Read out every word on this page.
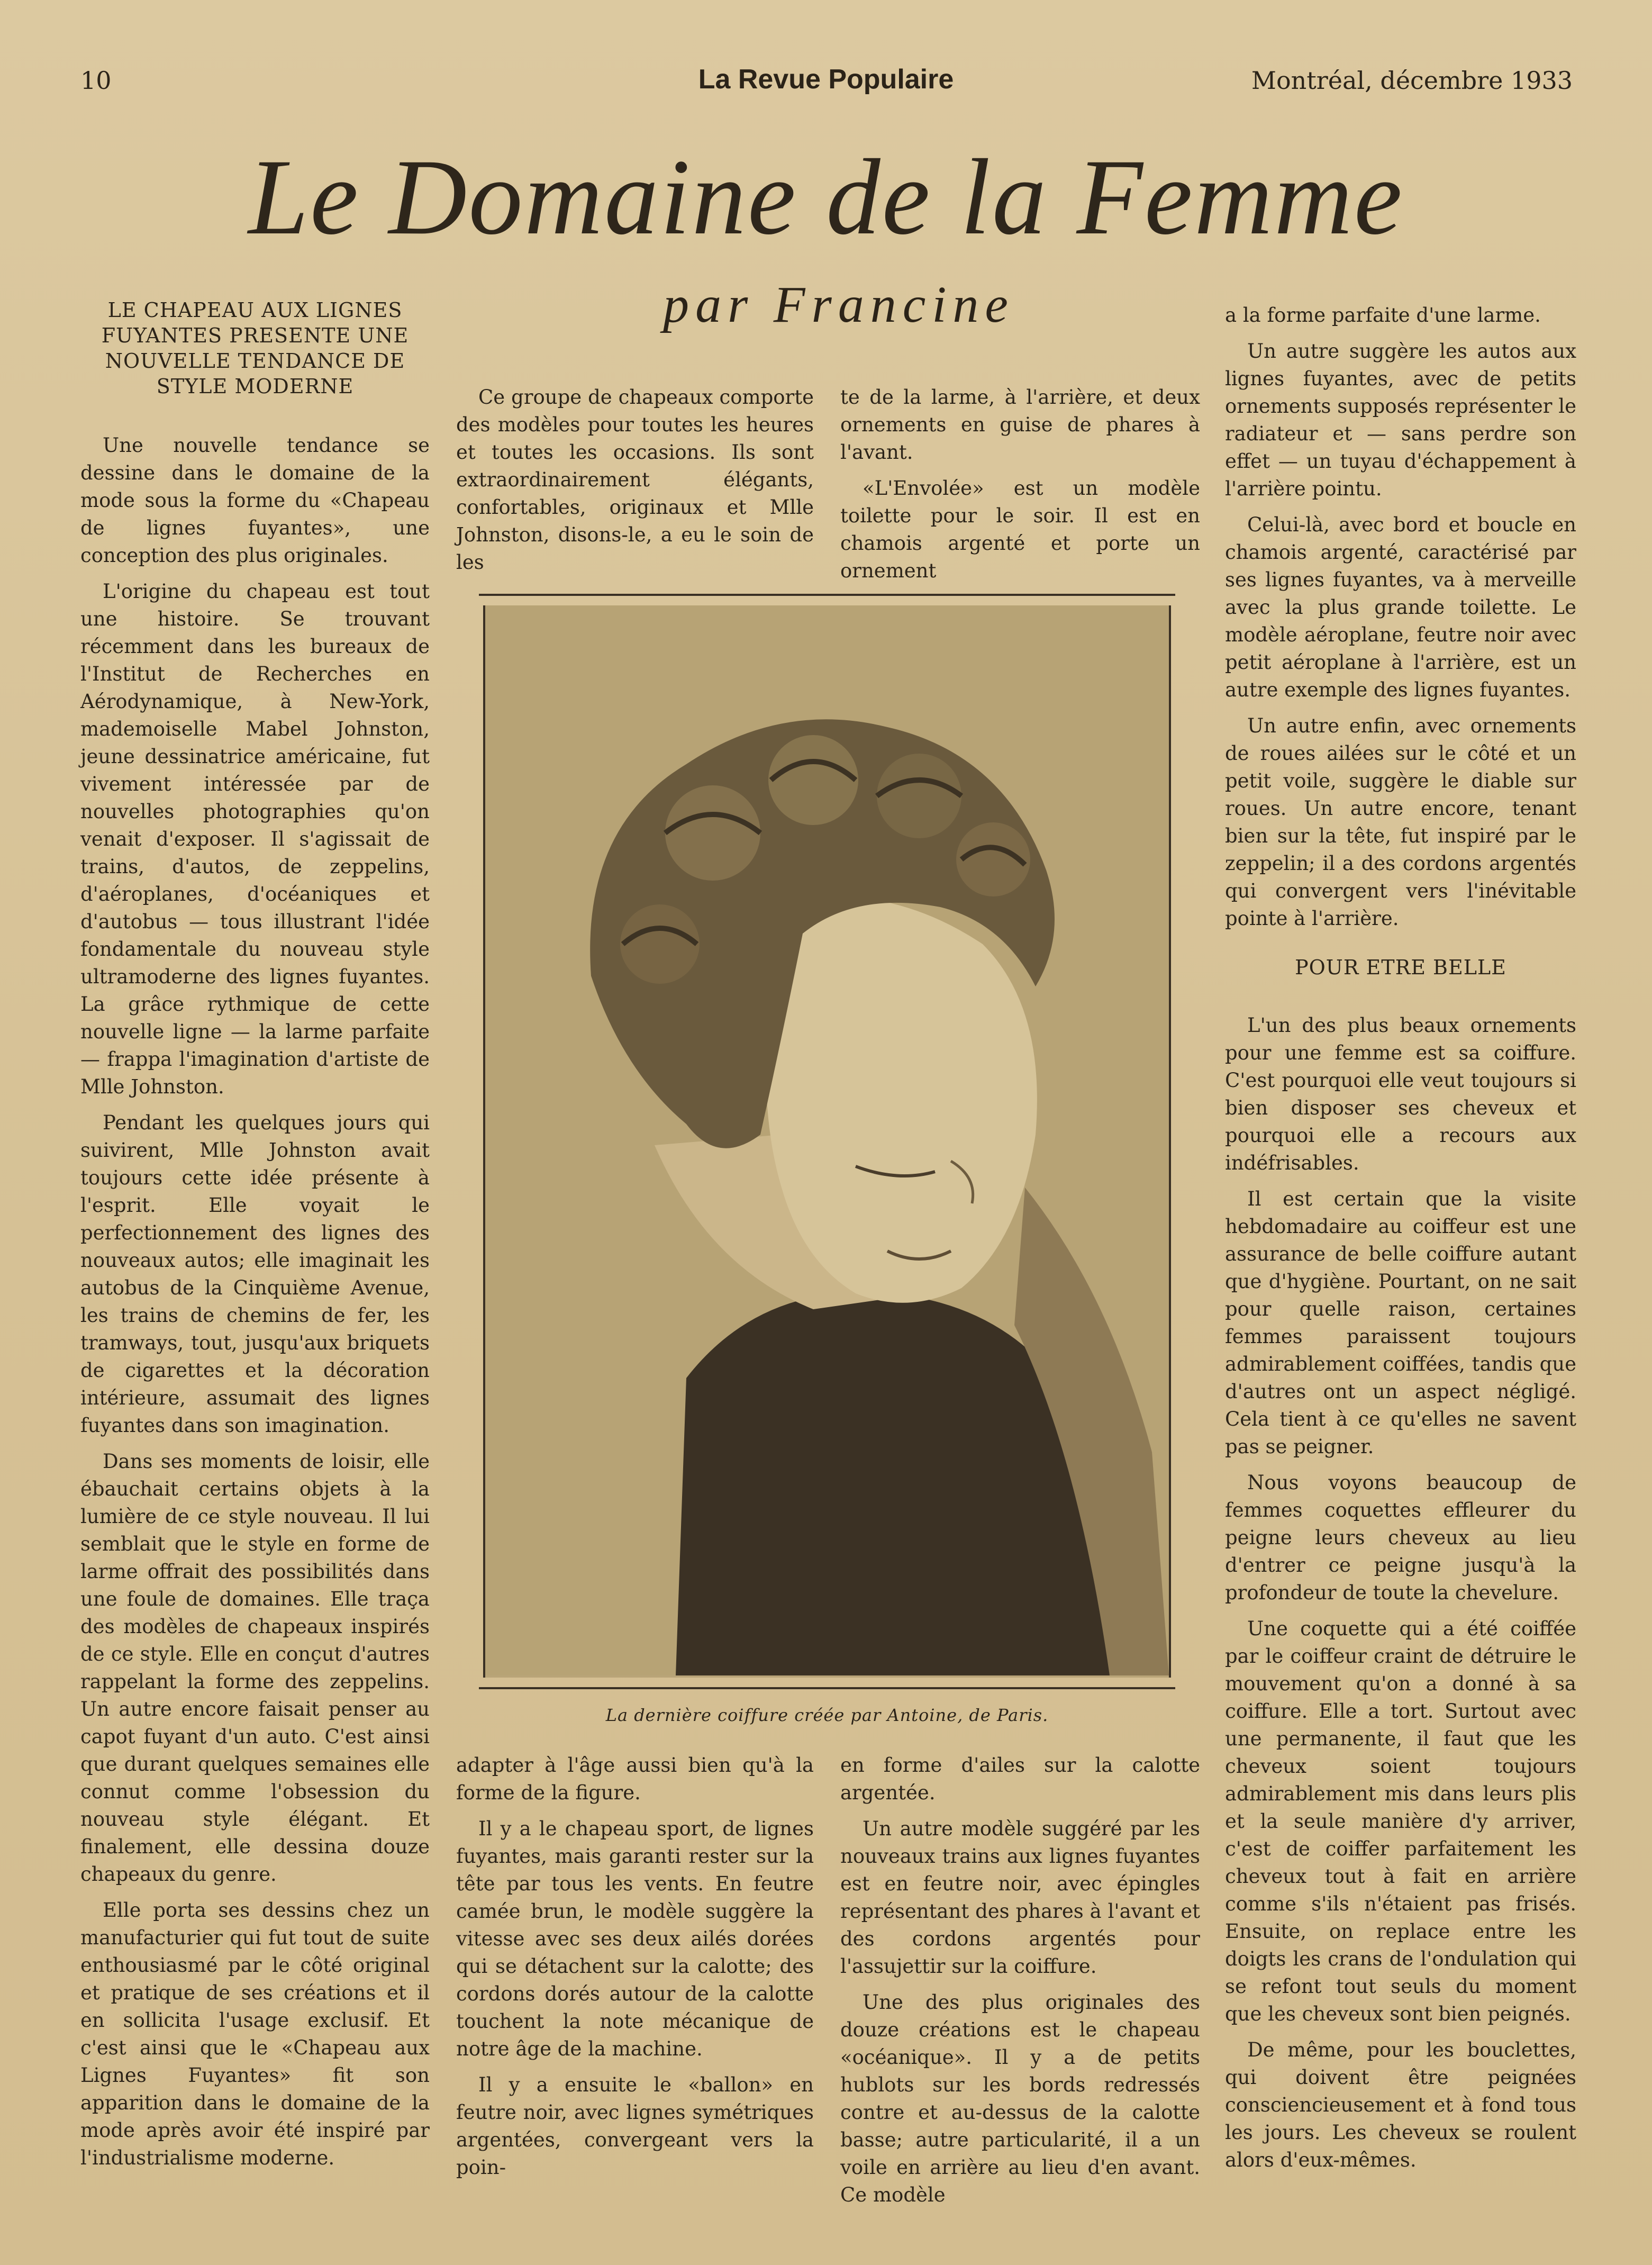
10	La Revue Populaire	Montréal, décembre 1933
Le Domaine de la Femme
par Francine
LE CHAPEAU AUX LIGNES FUYANTES PRESENTE UNE NOUVELLE TENDANCE DE STYLE MODERNE

Une nouvelle tendance se dessine dans le domaine de la mode sous la forme du «Chapeau de lignes fuyantes», une conception des plus originales.

L'origine du chapeau est tout une histoire. Se trouvant récemment dans les bureaux de l'Institut de Recherches en Aérodynamique, à New-York, mademoiselle Mabel Johnston, jeune dessinatrice américaine, fut vivement intéressée par de nouvelles photographies qu'on venait d'exposer. Il s'agissait de trains, d'autos, de zeppelins, d'aéroplanes, d'océaniques et d'autobus — tous illustrant l'idée fondamentale du nouveau style ultramoderne des lignes fuyantes. La grâce rythmique de cette nouvelle ligne — la larme parfaite — frappa l'imagination d'artiste de Mlle Johnston.

Pendant les quelques jours qui suivirent, Mlle Johnston avait toujours cette idée présente à l'esprit. Elle voyait le perfectionnement des lignes des nouveaux autos; elle imaginait les autobus de la Cinquième Avenue, les trains de chemins de fer, les tramways, tout, jusqu'aux briquets de cigarettes et la décoration intérieure, assumait des lignes fuyantes dans son imagination.

Dans ses moments de loisir, elle ébauchait certains objets à la lumière de ce style nouveau. Il lui semblait que le style en forme de larme offrait des possibilités dans une foule de domaines. Elle traça des modèles de chapeaux inspirés de ce style. Elle en conçut d'autres rappelant la forme des zeppelins. Un autre encore faisait penser au capot fuyant d'un auto. C'est ainsi que durant quelques semaines elle connut comme l'obsession du nouveau style élégant. Et finalement, elle dessina douze chapeaux du genre.

Elle porta ses dessins chez un manufacturier qui fut tout de suite enthousiasmé par le côté original et pratique de ses créations et il en sollicita l'usage exclusif. Et c'est ainsi que le «Chapeau aux Lignes Fuyantes» fit son apparition dans le domaine de la mode après avoir été inspiré par l'industrialisme moderne.

Ce groupe de chapeaux comporte des modèles pour toutes les heures et toutes les occasions. Ils sont extraordinairement élégants, confortables, originaux et Mlle Johnston, disons-le, a eu le soin de les

te de la larme, à l'arrière, et deux ornements en guise de phares à l'avant.

«L'Envolée» est un modèle toilette pour le soir. Il est en chamois argenté et porte un ornement

La dernière coiffure créée par Antoine, de Paris.

adapter à l'âge aussi bien qu'à la forme de la figure.

Il y a le chapeau sport, de lignes fuyantes, mais garanti rester sur la tête par tous les vents. En feutre camée brun, le modèle suggère la vitesse avec ses deux ailés dorées qui se détachent sur la calotte; des cordons dorés autour de la calotte touchent la note mécanique de notre âge de la machine.

Il y a ensuite le «ballon» en feutre noir, avec lignes symétriques argentées, convergeant vers la poin-

en forme d'ailes sur la calotte argentée.

Un autre modèle suggéré par les nouveaux trains aux lignes fuyantes est en feutre noir, avec épingles représentant des phares à l'avant et des cordons argentés pour l'assujettir sur la coiffure.

Une des plus originales des douze créations est le chapeau «océanique». Il y a de petits hublots sur les bords redressés contre et au-dessus de la calotte basse; autre particularité, il a un voile en arrière au lieu d'en avant. Ce modèle

a la forme parfaite d'une larme.

Un autre suggère les autos aux lignes fuyantes, avec de petits ornements supposés représenter le radiateur et — sans perdre son effet — un tuyau d'échappement à l'arrière pointu.

Celui-là, avec bord et boucle en chamois argenté, caractérisé par ses lignes fuyantes, va à merveille avec la plus grande toilette. Le modèle aéroplane, feutre noir avec petit aéroplane à l'arrière, est un autre exemple des lignes fuyantes.

Un autre enfin, avec ornements de roues ailées sur le côté et un petit voile, suggère le diable sur roues. Un autre encore, tenant bien sur la tête, fut inspiré par le zeppelin; il a des cordons argentés qui convergent vers l'inévitable pointe à l'arrière.

POUR ETRE BELLE

L'un des plus beaux ornements pour une femme est sa coiffure. C'est pourquoi elle veut toujours si bien disposer ses cheveux et pourquoi elle a recours aux indéfrisables.

Il est certain que la visite hebdomadaire au coiffeur est une assurance de belle coiffure autant que d'hygiène. Pourtant, on ne sait pour quelle raison, certaines femmes paraissent toujours admirablement coiffées, tandis que d'autres ont un aspect négligé. Cela tient à ce qu'elles ne savent pas se peigner.

Nous voyons beaucoup de femmes coquettes effleurer du peigne leurs cheveux au lieu d'entrer ce peigne jusqu'à la profondeur de toute la chevelure.

Une coquette qui a été coiffée par le coiffeur craint de détruire le mouvement qu'on a donné à sa coiffure. Elle a tort. Surtout avec une permanente, il faut que les cheveux soient toujours admirablement mis dans leurs plis et la seule manière d'y arriver, c'est de coiffer parfaitement les cheveux tout à fait en arrière comme s'ils n'étaient pas frisés. Ensuite, on replace entre les doigts les crans de l'ondulation qui se refont tout seuls du moment que les cheveux sont bien peignés.

De même, pour les bouclettes, qui doivent être peignées consciencieusement et à fond tous les jours. Les cheveux se roulent alors d'eux-mêmes.
